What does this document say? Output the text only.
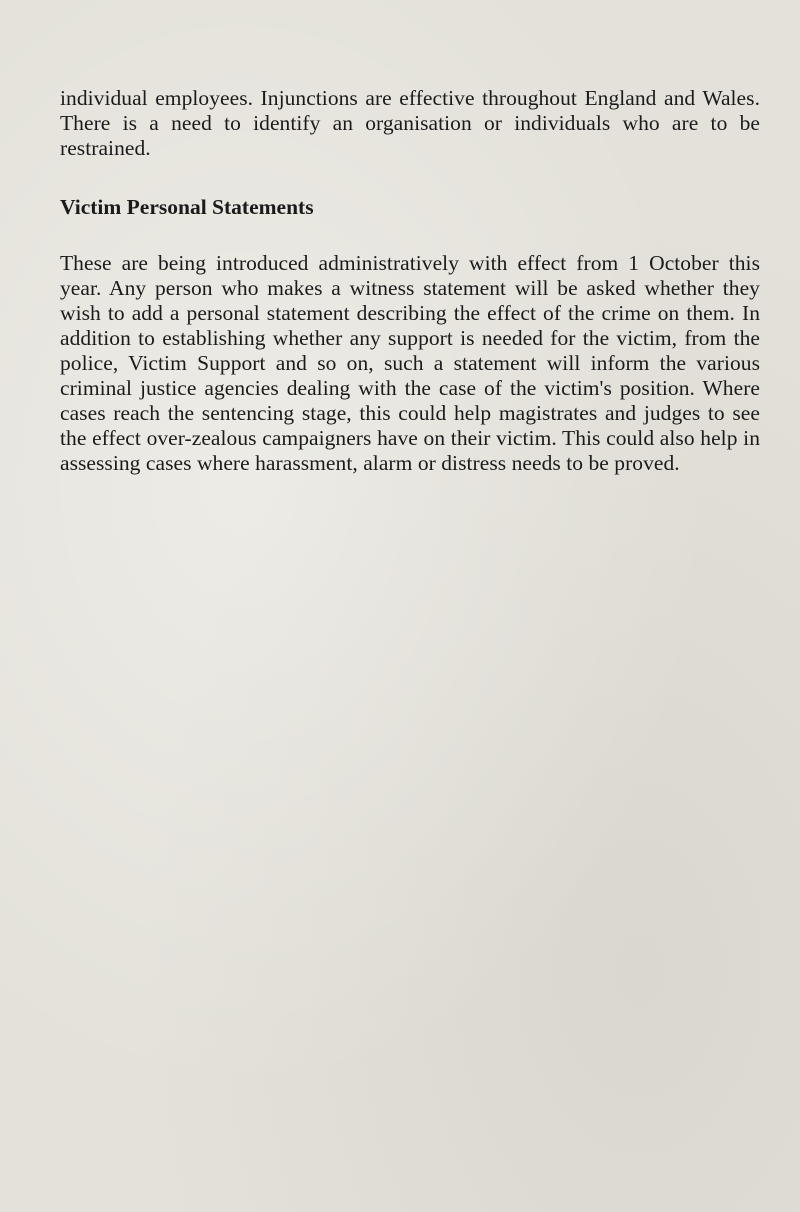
individual employees. Injunctions are effective throughout England and Wales. There is a need to identify an organisation or individuals who are to be restrained.

Victim Personal Statements

These are being introduced administratively with effect from 1 October this year. Any person who makes a witness statement will be asked whether they wish to add a personal statement describing the effect of the crime on them. In addition to establishing whether any support is needed for the victim, from the police, Victim Support and so on, such a statement will inform the various criminal justice agencies dealing with the case of the victim's position. Where cases reach the sentencing stage, this could help magistrates and judges to see the effect over-zealous campaigners have on their victim. This could also help in assessing cases where harassment, alarm or distress needs to be proved.
